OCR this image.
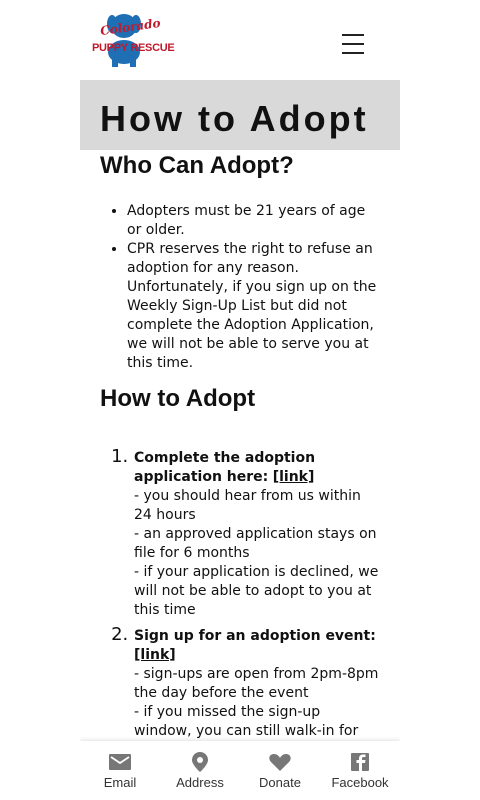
Colorado
PUPPY RESCUE
How to Adopt
Who Can Adopt?
• Adopters must be 21 years of age or older.
• CPR reserves the right to refuse an adoption for any reason. Unfortunately, if you sign up on the Weekly Sign-Up List but did not complete the Adoption Application, we will not be able to serve you at this time.
How to Adopt
1. Complete the adoption application here: [link]
- you should hear from us within 24 hours
- an approved application stays on file for 6 months
- if your application is declined, we will not be able to adopt to you at this time
2. Sign up for an adoption event:
[link]
- sign-ups are open from 2pm-8pm the day before the event
- if you missed the sign-up window, you can still walk-in for
Email	Address	Donate	Facebook
